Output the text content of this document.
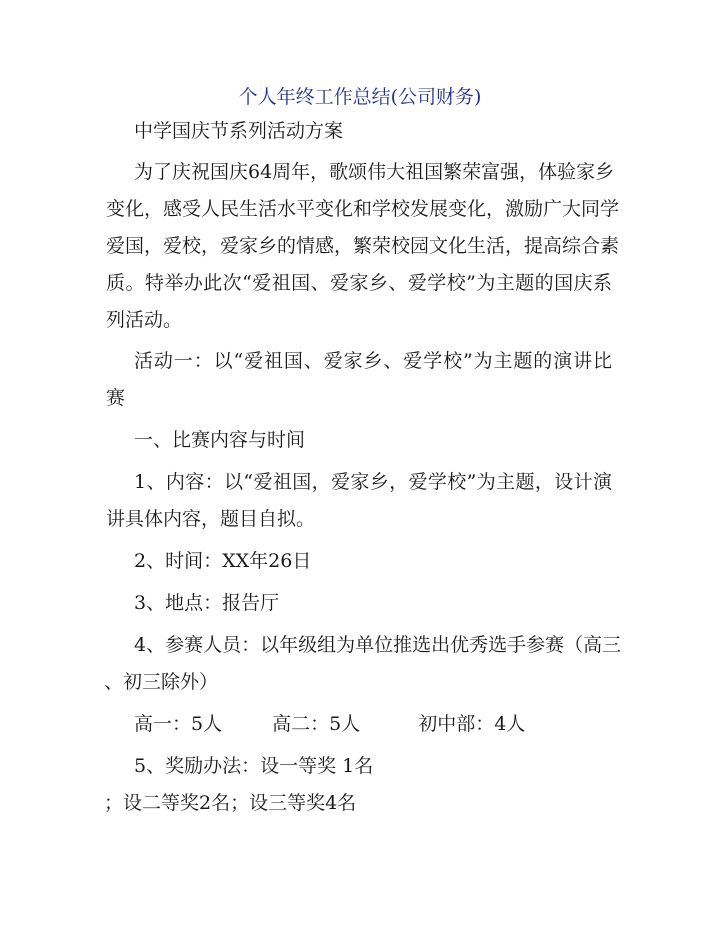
个人年终工作总结(公司财务)
中学国庆节系列活动方案
为了庆祝国庆64周年，歌颂伟大祖国繁荣富强，体验家乡
变化，感受人民生活水平变化和学校发展变化，激励广大同学
爱国，爱校，爱家乡的情感，繁荣校园文化生活，提高综合素
质。特举办此次“爱祖国、爱家乡、爱学校”为主题的国庆系
列活动。
活动一：以“爱祖国、爱家乡、爱学校”为主题的演讲比
赛
一、比赛内容与时间
1、内容：以“爱祖国，爱家乡，爱学校”为主题，设计演
讲具体内容，题目自拟。
2、时间：XX年26日
3、地点：报告厅
4、参赛人员：以年级组为单位推选出优秀选手参赛（高三
、初三除外）
高一：5人	高二：5人	初中部：4人
5、奖励办法：设一等奖 1名
；设二等奖2名；设三等奖4名
